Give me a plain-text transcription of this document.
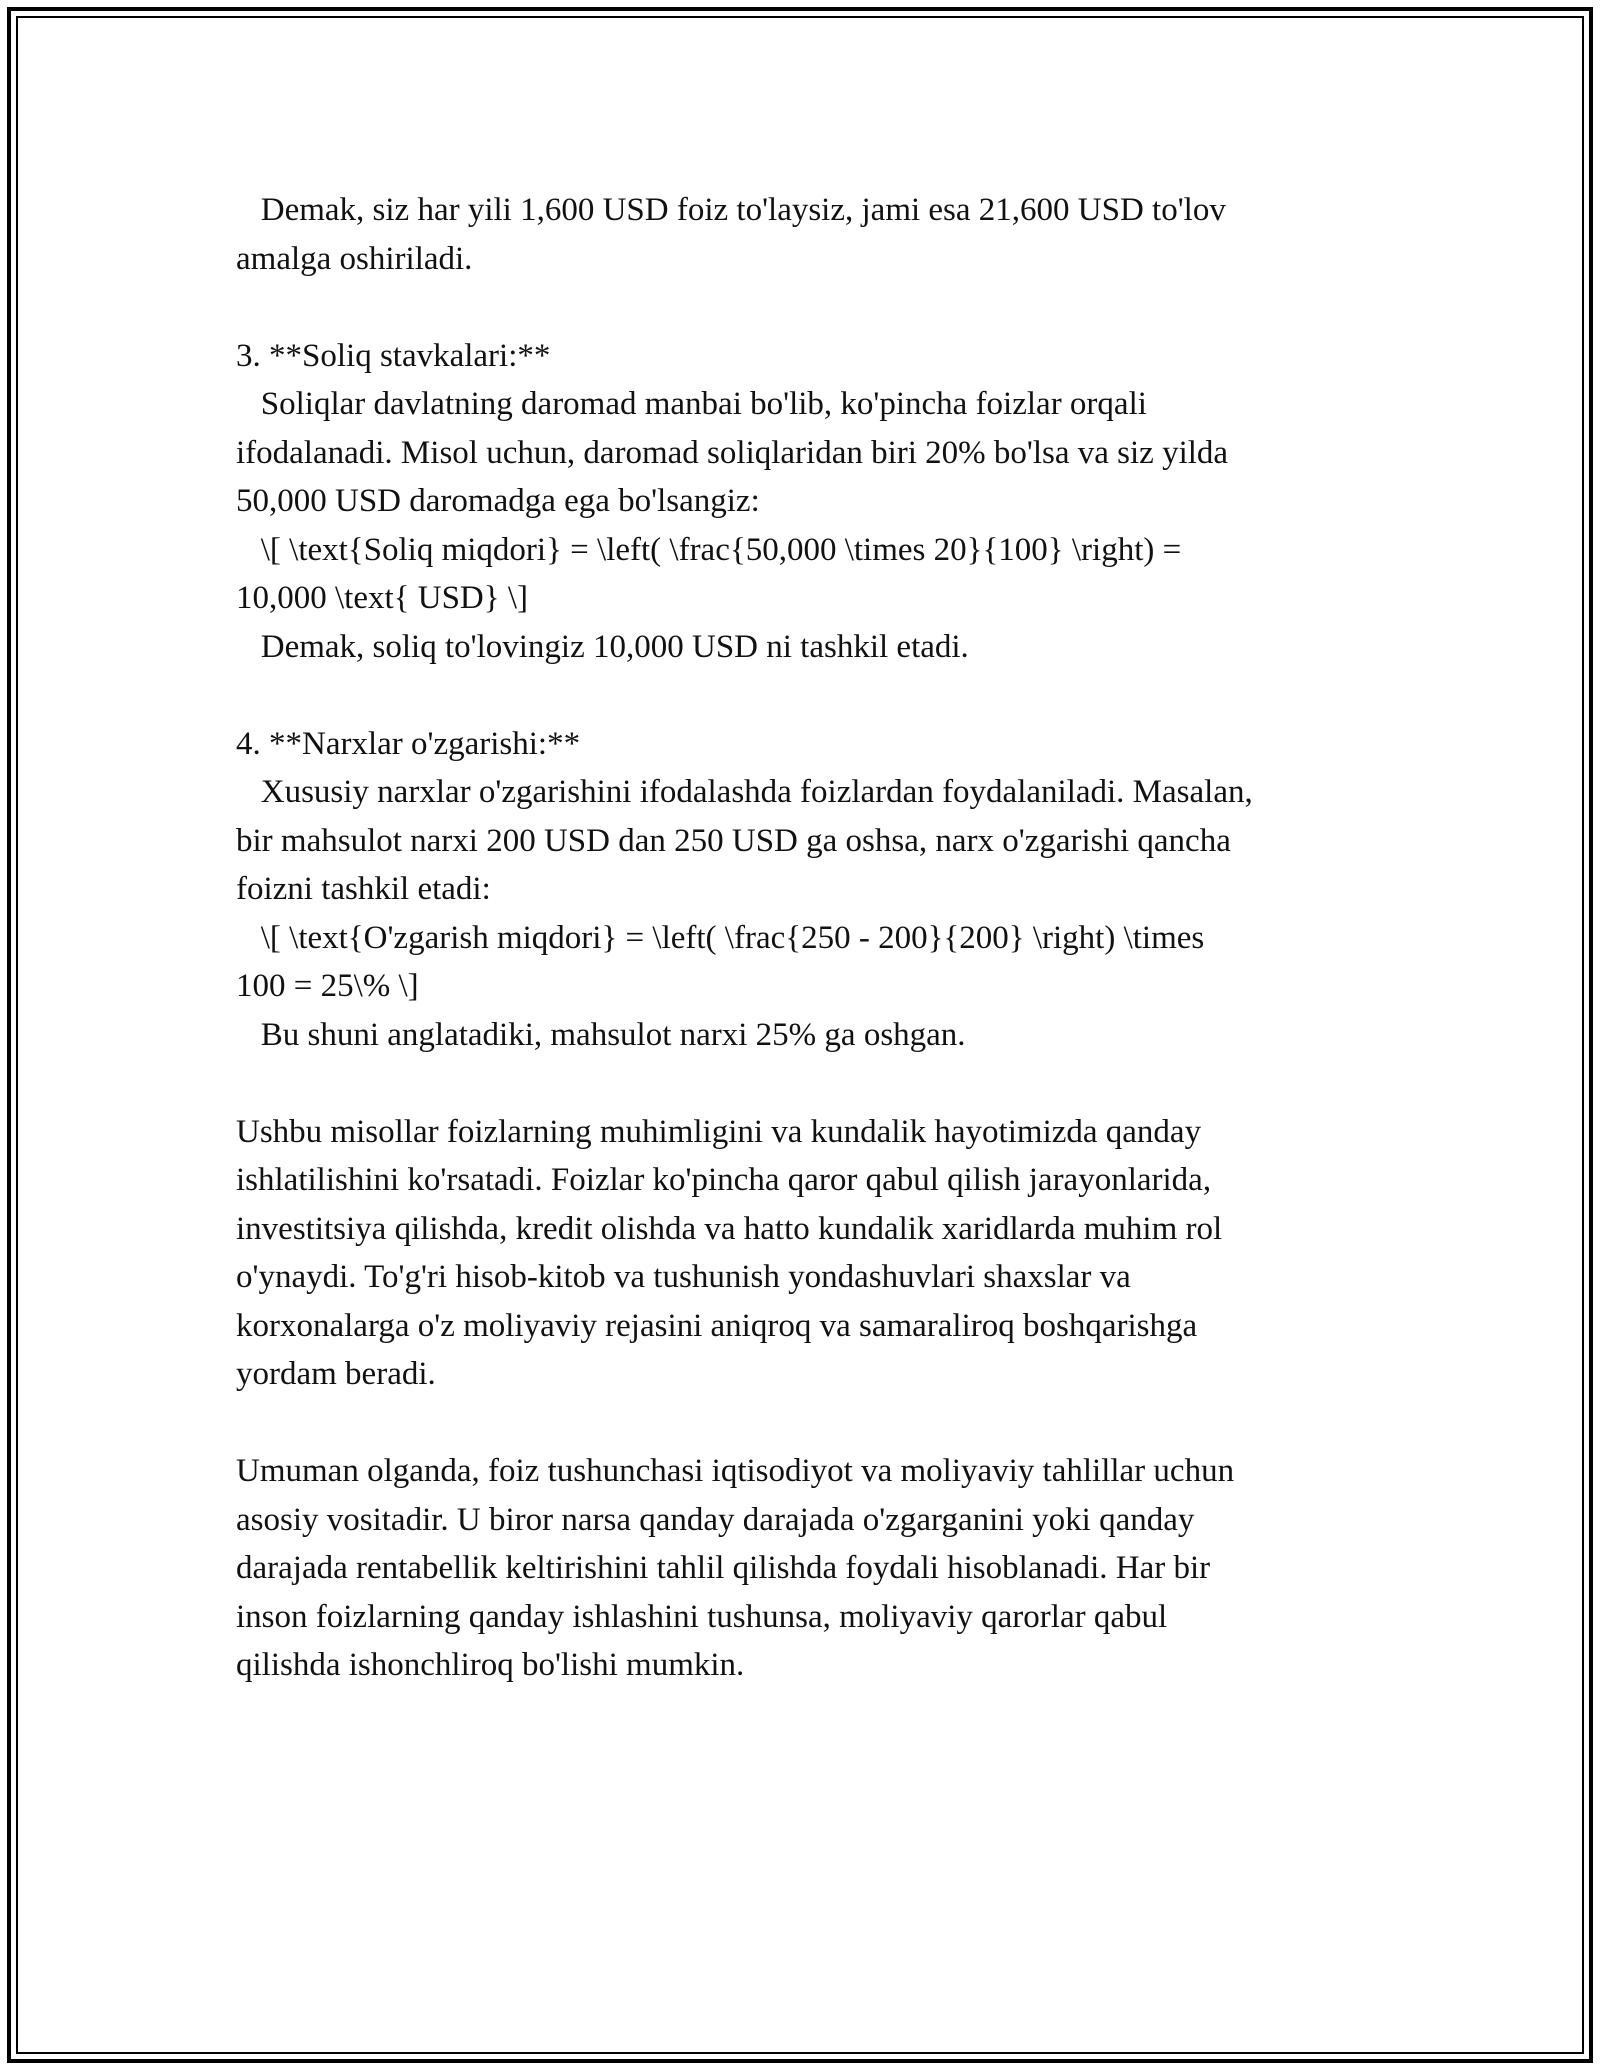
Demak, siz har yili 1,600 USD foiz to'laysiz, jami esa 21,600 USD to'lov
amalga oshiriladi.
3. **Soliq stavkalari:**
Soliqlar davlatning daromad manbai bo'lib, ko'pincha foizlar orqali
ifodalanadi. Misol uchun, daromad soliqlaridan biri 20% bo'lsa va siz yilda
50,000 USD daromadga ega bo'lsangiz:
\[ \text{Soliq miqdori} = \left( \frac{50,000 \times 20}{100} \right) =
10,000 \text{ USD} \]
Demak, soliq to'lovingiz 10,000 USD ni tashkil etadi.
4. **Narxlar o'zgarishi:**
Xususiy narxlar o'zgarishini ifodalashda foizlardan foydalaniladi. Masalan,
bir mahsulot narxi 200 USD dan 250 USD ga oshsa, narx o'zgarishi qancha
foizni tashkil etadi:
\[ \text{O'zgarish miqdori} = \left( \frac{250 - 200}{200} \right) \times
100 = 25\% \]
Bu shuni anglatadiki, mahsulot narxi 25% ga oshgan.
Ushbu misollar foizlarning muhimligini va kundalik hayotimizda qanday
ishlatilishini ko'rsatadi. Foizlar ko'pincha qaror qabul qilish jarayonlarida,
investitsiya qilishda, kredit olishda va hatto kundalik xaridlarda muhim rol
o'ynaydi. To'g'ri hisob-kitob va tushunish yondashuvlari shaxslar va
korxonalarga o'z moliyaviy rejasini aniqroq va samaraliroq boshqarishga
yordam beradi.
Umuman olganda, foiz tushunchasi iqtisodiyot va moliyaviy tahlillar uchun
asosiy vositadir. U biror narsa qanday darajada o'zgarganini yoki qanday
darajada rentabellik keltirishini tahlil qilishda foydali hisoblanadi. Har bir
inson foizlarning qanday ishlashini tushunsa, moliyaviy qarorlar qabul
qilishda ishonchliroq bo'lishi mumkin.
